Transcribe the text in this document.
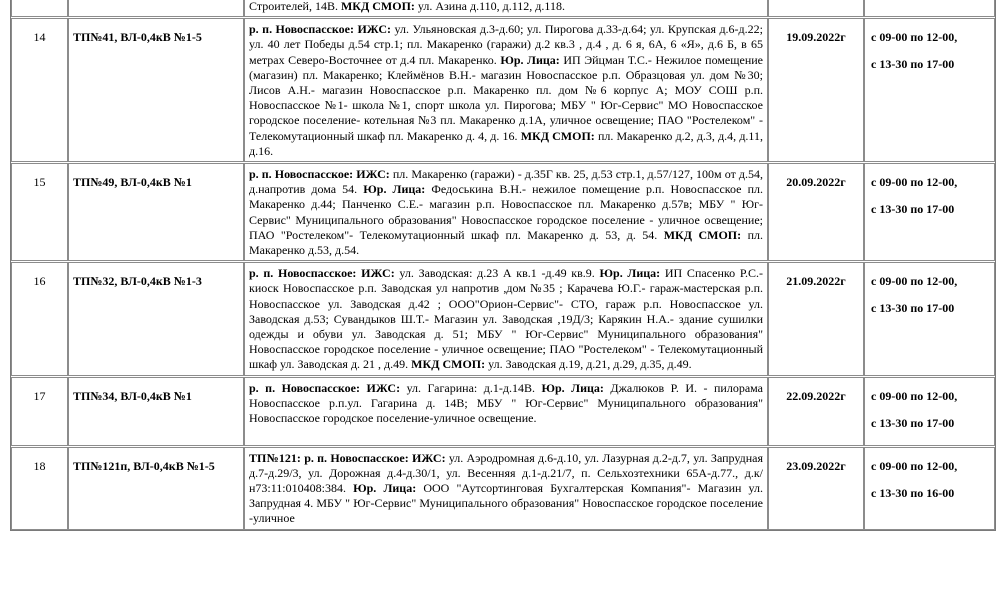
		Строителей, 14В. МКД СМОП: ул. Азина д.110, д.112, д.118.		

14	ТП№41, ВЛ-0,4кВ №1-5	р. п. Новоспасское: ИЖС: ул. Ульяновская д.3-д.60; ул. Пирогова д.33-д.64; ул. Крупская д.6-д.22; ул. 40 лет Победы д.54 стр.1; пл. Макаренко (гаражи) д.2 кв.3 , д.4 , д. 6 я, 6А, 6 «Я», д.6 Б, в 65 метрах Северо-Восточнее от д.4 пл. Макаренко. Юр. Лица: ИП Эйцман Т.С.- Нежилое помещение (магазин) пл. Макаренко; Клеймёнов В.Н.- магазин Новоспасское р.п. Образцовая ул. дом №30; Лисов А.Н.- магазин Новоспасское р.п. Макаренко пл. дом №6 корпус А; МОУ СОШ р.п. Новоспасское №1- школа №1, спорт школа ул. Пирогова; МБУ " Юг-Сервис" МО Новоспасское городское поселение- котельная №3 пл. Макаренко д.1А, уличное освещение; ПАО "Ростелеком" - Телекомутационный шкаф пл. Макаренко д. 4, д. 16. МКД СМОП: пл. Макаренко д.2, д.3, д.4, д.11, д.16.	19.09.2022г	с 09-00 по 12-00,
с 13-30 по 17-00

15	ТП№49, ВЛ-0,4кВ №1	р. п. Новоспасское: ИЖС: пл. Макаренко (гаражи) - д.35Г кв. 25, д.53 стр.1, д.57/127, 100м от д.54, д.напротив дома 54. Юр. Лица: Федоськина В.Н.- нежилое помещение р.п. Новоспасское пл. Макаренко д.44; Панченко С.Е.- магазин р.п. Новоспасское пл. Макаренко д.57в; МБУ " Юг-Сервис" Муниципального образования" Новоспасское городское поселение - уличное освещение; ПАО "Ростелеком"- Телекомутационный шкаф пл. Макаренко д. 53, д. 54. МКД СМОП: пл. Макаренко д.53, д.54.	20.09.2022г	с 09-00 по 12-00,
с 13-30 по 17-00

16	ТП№32, ВЛ-0,4кВ №1-3	р. п. Новоспасское: ИЖС: ул. Заводская: д.23 А кв.1 -д.49 кв.9. Юр. Лица: ИП Спасенко Р.С.- киоск Новоспасское р.п. Заводская ул напротив ,дом №35 ; Карачева Ю.Г.- гараж-мастерская р.п. Новоспасское ул. Заводская д.42 ; ООО"Орион-Сервис"- СТО, гараж р.п. Новоспасское ул. Заводская д.53; Сувандыков Ш.Т.- Магазин ул. Заводская ,19Д/3; Карякин Н.А.- здание сушилки одежды и обуви ул. Заводская д. 51; МБУ " Юг-Сервис" Муниципального образования" Новоспасское городское поселение - уличное освещение; ПАО "Ростелеком" - Телекомутационный шкаф ул. Заводская д. 21 , д.49. МКД СМОП: ул. Заводская д.19, д.21, д.29, д.35, д.49.	21.09.2022г	с 09-00 по 12-00,
с 13-30 по 17-00

17	ТП№34, ВЛ-0,4кВ №1	р. п. Новоспасское: ИЖС: ул. Гагарина: д.1-д.14В. Юр. Лица: Джалюков Р. И. - пилорама Новоспасское р.п.ул. Гагарина д. 14В; МБУ " Юг-Сервис" Муниципального образования" Новоспасское городское поселение-уличное освещение.	22.09.2022г	с 09-00 по 12-00,
с 13-30 по 17-00

18	ТП№121п, ВЛ-0,4кВ №1-5	ТП№121: р. п. Новоспасское: ИЖС: ул. Аэродромная д.6-д.10, ул. Лазурная д.2-д.7, ул. Запрудная д.7-д.29/3, ул. Дорожная д.4-д.30/1, ул. Весенняя д.1-д.21/7, п. Сельхозтехники 65А-д.77., д.к/н73:11:010408:384. Юр. Лица: ООО "Аутсортинговая Бухгалтерская Компания"- Магазин ул. Запрудная 4. МБУ " Юг-Сервис" Муниципального образования" Новоспасское городское поселение -уличное	23.09.2022г	с 09-00 по 12-00,
с 13-30 по 16-00
